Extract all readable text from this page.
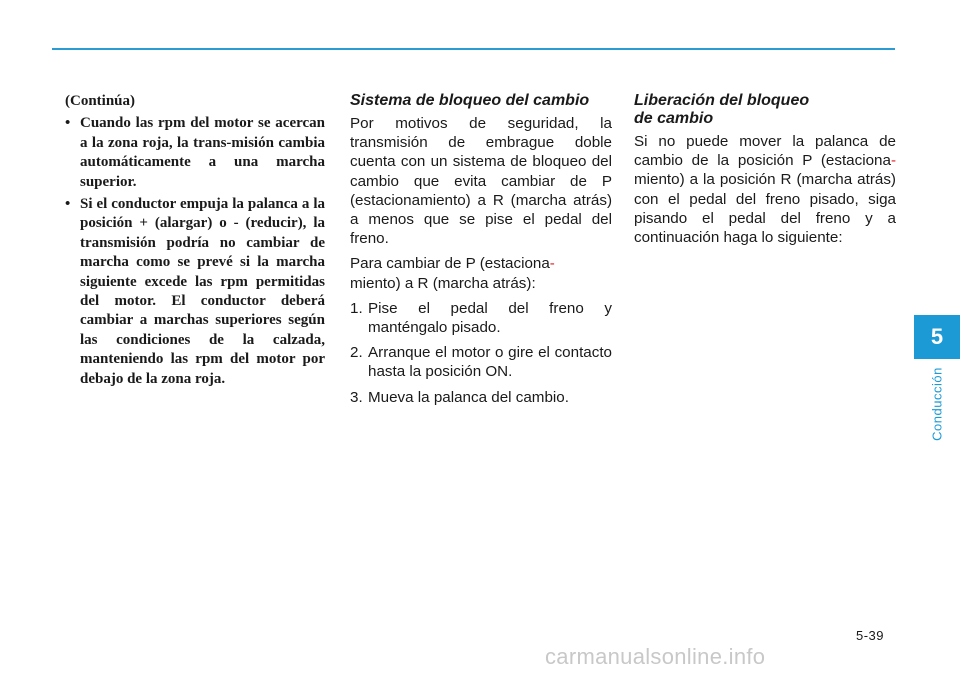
(Continúa)

• Cuando las rpm del motor se acercan a la zona roja, la trans-misión cambia automáticamente a una marcha superior.
• Si el conductor empuja la palanca a la posición + (alargar) o - (reducir), la transmisión podría no cambiar de marcha como se prevé si la marcha siguiente excede las rpm permitidas del motor. El conductor deberá cambiar a marchas superiores según las condiciones de la calzada, manteniendo las rpm del motor por debajo de la zona roja.
Sistema de bloqueo del cambio

Por motivos de seguridad, la transmisión de embrague doble cuenta con un sistema de bloqueo del cambio que evita cambiar de P (estacionamiento) a R (marcha atrás) a menos que se pise el pedal del freno.

Para cambiar de P (estaciona-
miento) a R (marcha atrás):

1. Pise el pedal del freno y manténgalo pisado.
2. Arranque el motor o gire el contacto hasta la posición ON.
3. Mueva la palanca del cambio.
Liberación del bloqueo
de cambio

Si no puede mover la palanca de cambio de la posición P (estaciona- miento) a la posición R (marcha atrás) con el pedal del freno pisado, siga pisando el pedal del freno y a continuación haga lo siguiente:

5
Conducción
5-39
carmanualsonline.info
